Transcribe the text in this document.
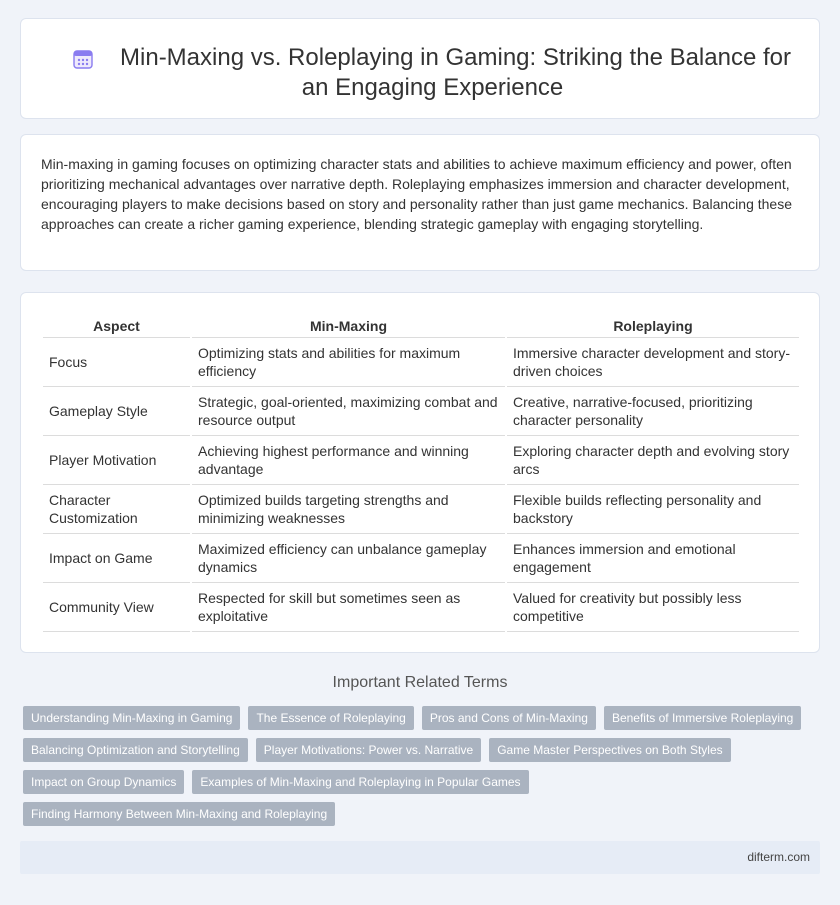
Min-Maxing vs. Roleplaying in Gaming: Striking the Balance for an Engaging Experience

Min-maxing in gaming focuses on optimizing character stats and abilities to achieve maximum efficiency and power, often prioritizing mechanical advantages over narrative depth. Roleplaying emphasizes immersion and character development, encouraging players to make decisions based on story and personality rather than just game mechanics. Balancing these approaches can create a richer gaming experience, blending strategic gameplay with engaging storytelling.

Aspect	Min-Maxing	Roleplaying
Focus	Optimizing stats and abilities for maximum efficiency	Immersive character development and story-driven choices
Gameplay Style	Strategic, goal-oriented, maximizing combat and resource output	Creative, narrative-focused, prioritizing character personality
Player Motivation	Achieving highest performance and winning advantage	Exploring character depth and evolving story arcs
Character Customization	Optimized builds targeting strengths and minimizing weaknesses	Flexible builds reflecting personality and backstory
Impact on Game	Maximized efficiency can unbalance gameplay dynamics	Enhances immersion and emotional engagement
Community View	Respected for skill but sometimes seen as exploitative	Valued for creativity but possibly less competitive
Important Related Terms
Understanding Min-Maxing in Gaming	The Essence of Roleplaying	Pros and Cons of Min-Maxing	Benefits of Immersive Roleplaying
Balancing Optimization and Storytelling	Player Motivations: Power vs. Narrative	Game Master Perspectives on Both Styles
Impact on Group Dynamics	Examples of Min-Maxing and Roleplaying in Popular Games
Finding Harmony Between Min-Maxing and Roleplaying
difterm.com
